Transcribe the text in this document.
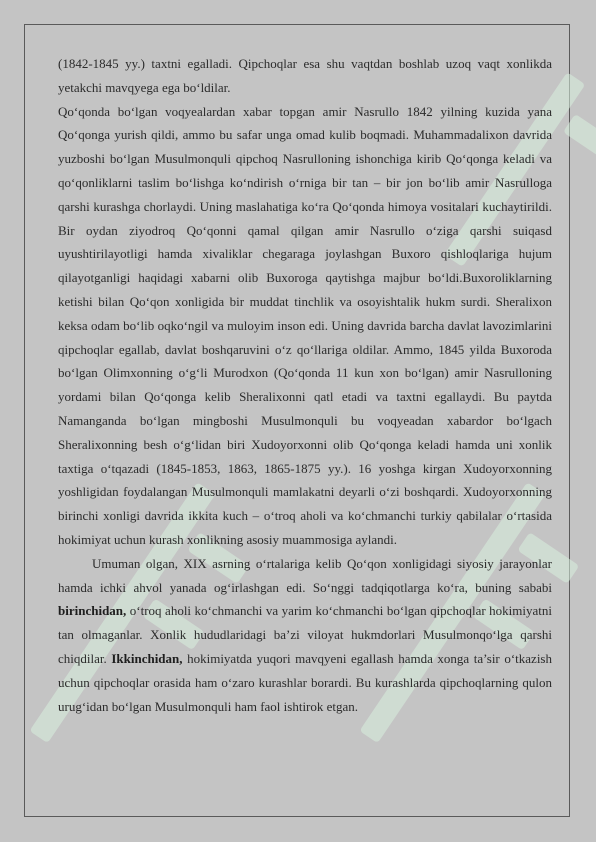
(1842-1845 yy.) taxtni egalladi. Qipchoqlar esa shu vaqtdan boshlab uzoq vaqt xonlikda yetakchi mavqyega ega bo‘ldilar.

Qo‘qonda bo‘lgan voqyealardan xabar topgan amir Nasrullo 1842 yilning kuzida yana Qo‘qonga yurish qildi, ammo bu safar unga omad kulib boqmadi. Muhammadalixon davrida yuzboshi bo‘lgan Musulmonquli qipchoq Nasrulloning ishonchiga kirib Qo‘qonga keladi va qo‘qonliklarni taslim bo‘lishga ko‘ndirish o‘rniga bir tan – bir jon bo‘lib amir Nasrulloga qarshi kurashga chorlaydi. Uning maslahatiga ko‘ra Qo‘qonda himoya vositalari kuchaytirildi. Bir oydan ziyodroq Qo‘qonni qamal qilgan amir Nasrullo o‘ziga qarshi suiqasd uyushtirilayotligi hamda xivaliklar chegaraga joylashgan Buxoro qishloqlariga hujum qilayotganligi haqidagi xabarni olib Buxoroga qaytishga majbur bo‘ldi.Buxoroliklarning ketishi bilan Qo‘qon xonligida bir muddat tinchlik va osoyishtalik hukm surdi. Sheralixon keksa odam bo‘lib oqko‘ngil va muloyim inson edi. Uning davrida barcha davlat lavozimlarini qipchoqlar egallab, davlat boshqaruvini o‘z qo‘llariga oldilar. Ammo, 1845 yilda Buxoroda bo‘lgan Olimxonning o‘g‘li Murodxon (Qo‘qonda 11 kun xon bo‘lgan) amir Nasrulloning yordami bilan Qo‘qonga kelib Sheralixonni qatl etadi va taxtni egallaydi. Bu paytda Namanganda bo‘lgan mingboshi Musulmonquli bu voqyeadan xabardor bo‘lgach Sheralixonning besh o‘g‘lidan biri Xudoyorxonni olib Qo‘qonga keladi hamda uni xonlik taxtiga o‘tqazadi (1845-1853, 1863, 1865-1875 yy.). 16 yoshga kirgan Xudoyorxonning yoshligidan foydalangan Musulmonquli mamlakatni deyarli o‘zi boshqardi. Xudoyorxonning birinchi xonligi davrida ikkita kuch – o‘troq aholi va ko‘chmanchi turkiy qabilalar o‘rtasida hokimiyat uchun kurash xonlikning asosiy muammosiga aylandi.

Umuman olgan, XIX asrning o‘rtalariga kelib Qo‘qon xonligidagi siyosiy jarayonlar hamda ichki ahvol yanada og‘irlashgan edi. So‘nggi tadqiqotlarga ko‘ra, buning sababi birinchidan, o‘troq aholi ko‘chmanchi va yarim ko‘chmanchi bo‘lgan qipchoqlar hokimiyatni tan olmaganlar. Xonlik hududlaridagi ba’zi viloyat hukmdorlari Musulmonqo‘lga qarshi chiqdilar. Ikkinchidan, hokimiyatda yuqori mavqyeni egallash hamda xonga ta’sir o‘tkazish uchun qipchoqlar orasida ham o‘zaro kurashlar borardi. Bu kurashlarda qipchoqlarning qulon urug‘idan bo‘lgan Musulmonquli ham faol ishtirok etgan.
